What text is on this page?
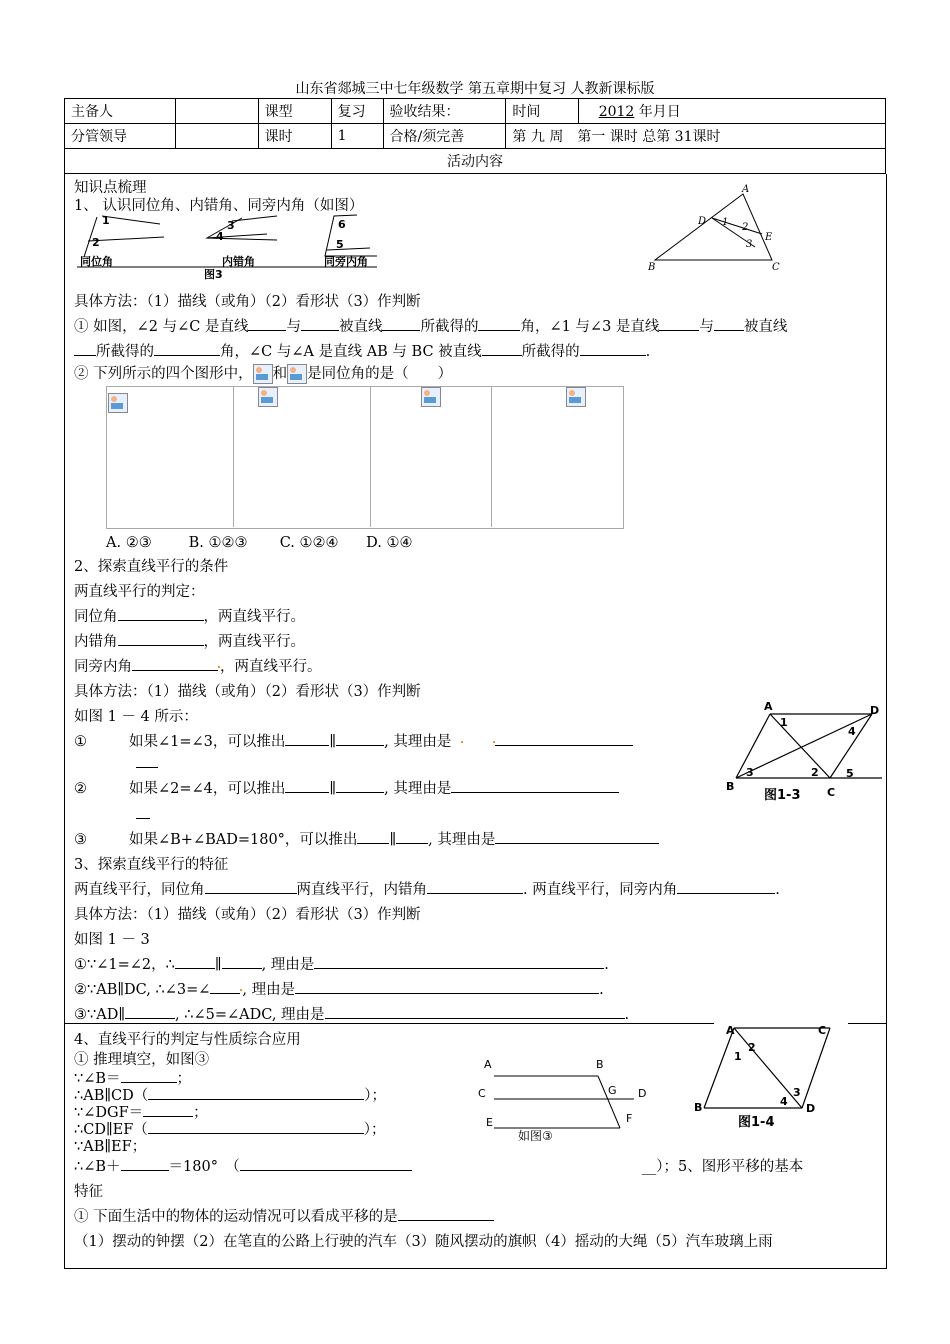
山东省郯城三中七年级数学 第五章期中复习 人教新课标版
主备人		课型	复习	验收结果：	时间	2012 年月日
分管领导		课时	1	合格/须完善	第 九 周　第一 课时 总第 31课时	
活动内容						
知识点梳理
1、 认识同位角、内错角、同旁内角（如图）
1
2
3
4
6
5
同位角	内错角	同旁内角
图3
A
D 1 2
E
3
B	C
具体方法：（1）描线（或角）（2）看形状（3）作判断
① 如图，∠2 与∠C 是直线	与	被直线	所截得的	角，∠1 与∠3 是直线	与 被直线
所截得的	角，∠C 与∠A 是直线 AB 与 BC 被直线	所截得的	.
② 下列所示的四个图形中， 和 是同位角的是（　　）

A. ②③	B. ①②③ C. ①②④ D. ①④
2、探索直线平行的条件
两直线平行的判定：
同位角	，两直线平行。
内错角	，两直线平行。
同旁内角	，两直线平行。
具体方法：（1）描线（或角）（2）看形状（3）作判断
如图 1 － 4 所示：
①	如果∠1=∠3，可以推出	∥	, 其理由是
②	如果∠2=∠4，可以推出	∥	, 其理由是
③	如果∠B+∠BAD=180°，可以推出 ∥ , 其理由是
A	D
1
4
3	2 5
B	C
图1-3
3、探索直线平行的特征
两直线平行，同位角	两直线平行，内错角	. 两直线平行，同旁内角	.
具体方法：（1）描线（或角）（2）看形状（3）作判断
如图 1 － 3
①∵∠1=∠2，∴	∥	, 理由是	.
②∵AB∥DC, ∴∠3=∠ , 理由是	.
③∵AD∥	, ∴∠5=∠ADC, 理由是	.
4、直线平行的判定与性质综合应用
① 推理填空，如图③
∵∠B＝	；
∴AB∥CD（	）；
∵∠DGF＝	；
∴CD∥EF（	）；
∵AB∥EF；
∴∠B＋	＝180°　（	__）；5、图形平移的基本
特征
A	B
C	G D
E	F
如图③
A	C
1
2
3
B	4
D
图1-4
① 下面生活中的物体的运动情况可以看成平移的是
（1）摆动的钟摆（2）在笔直的公路上行驶的汽车（3）随风摆动的旗帜（4）摇动的大绳（5）汽车玻璃上雨
